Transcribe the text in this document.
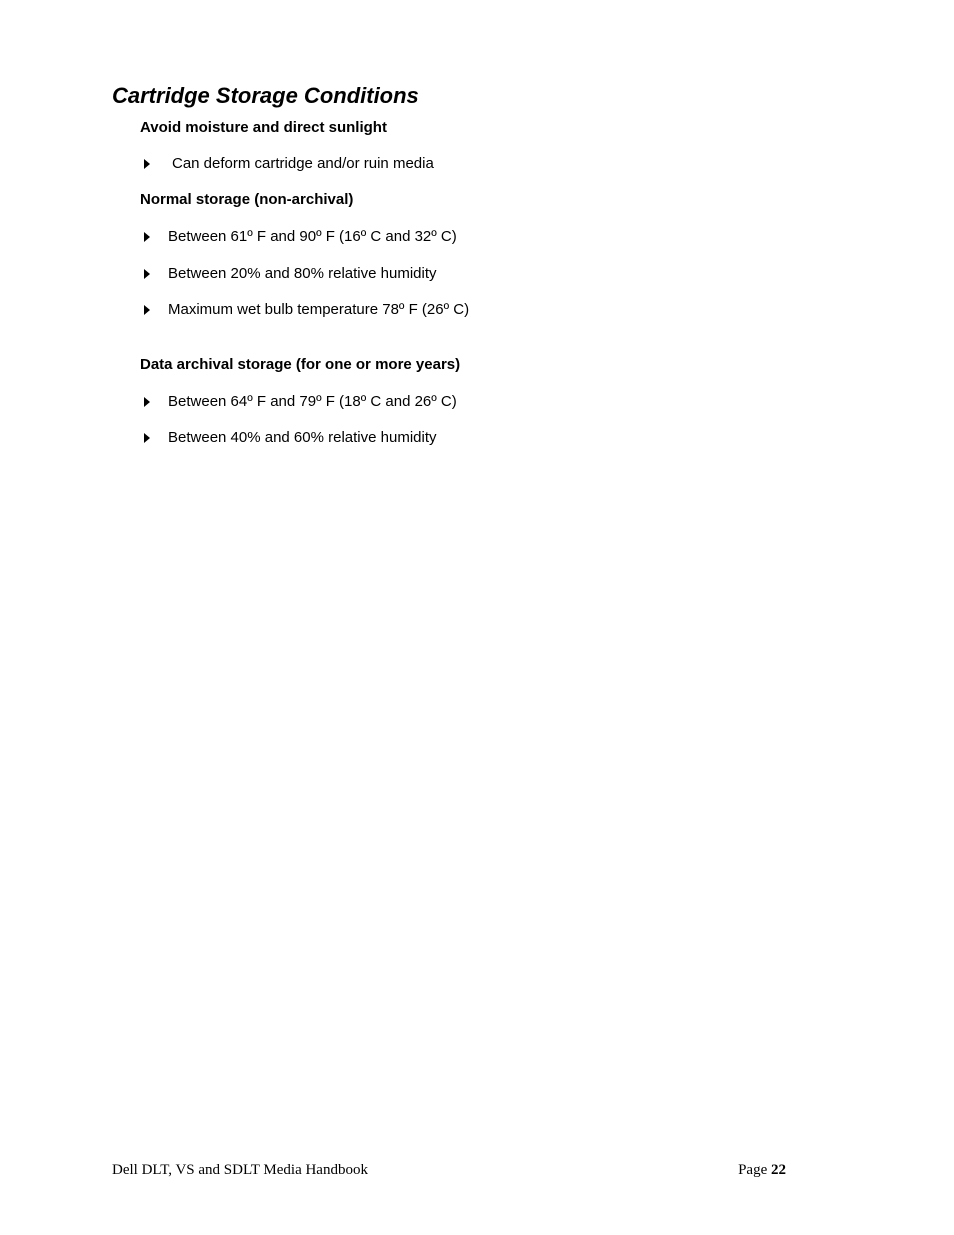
Cartridge Storage Conditions
Avoid moisture and direct sunlight
Can deform cartridge and/or ruin media
Normal storage (non-archival)
Between 61º F and 90º F (16º C and 32º C)
Between 20% and 80% relative humidity
Maximum wet bulb temperature 78º F (26º C)
Data archival storage (for one or more years)
Between 64º F and 79º F (18º C and 26º C)
Between 40% and 60% relative humidity
Dell DLT, VS and SDLT Media Handbook	Page 22
